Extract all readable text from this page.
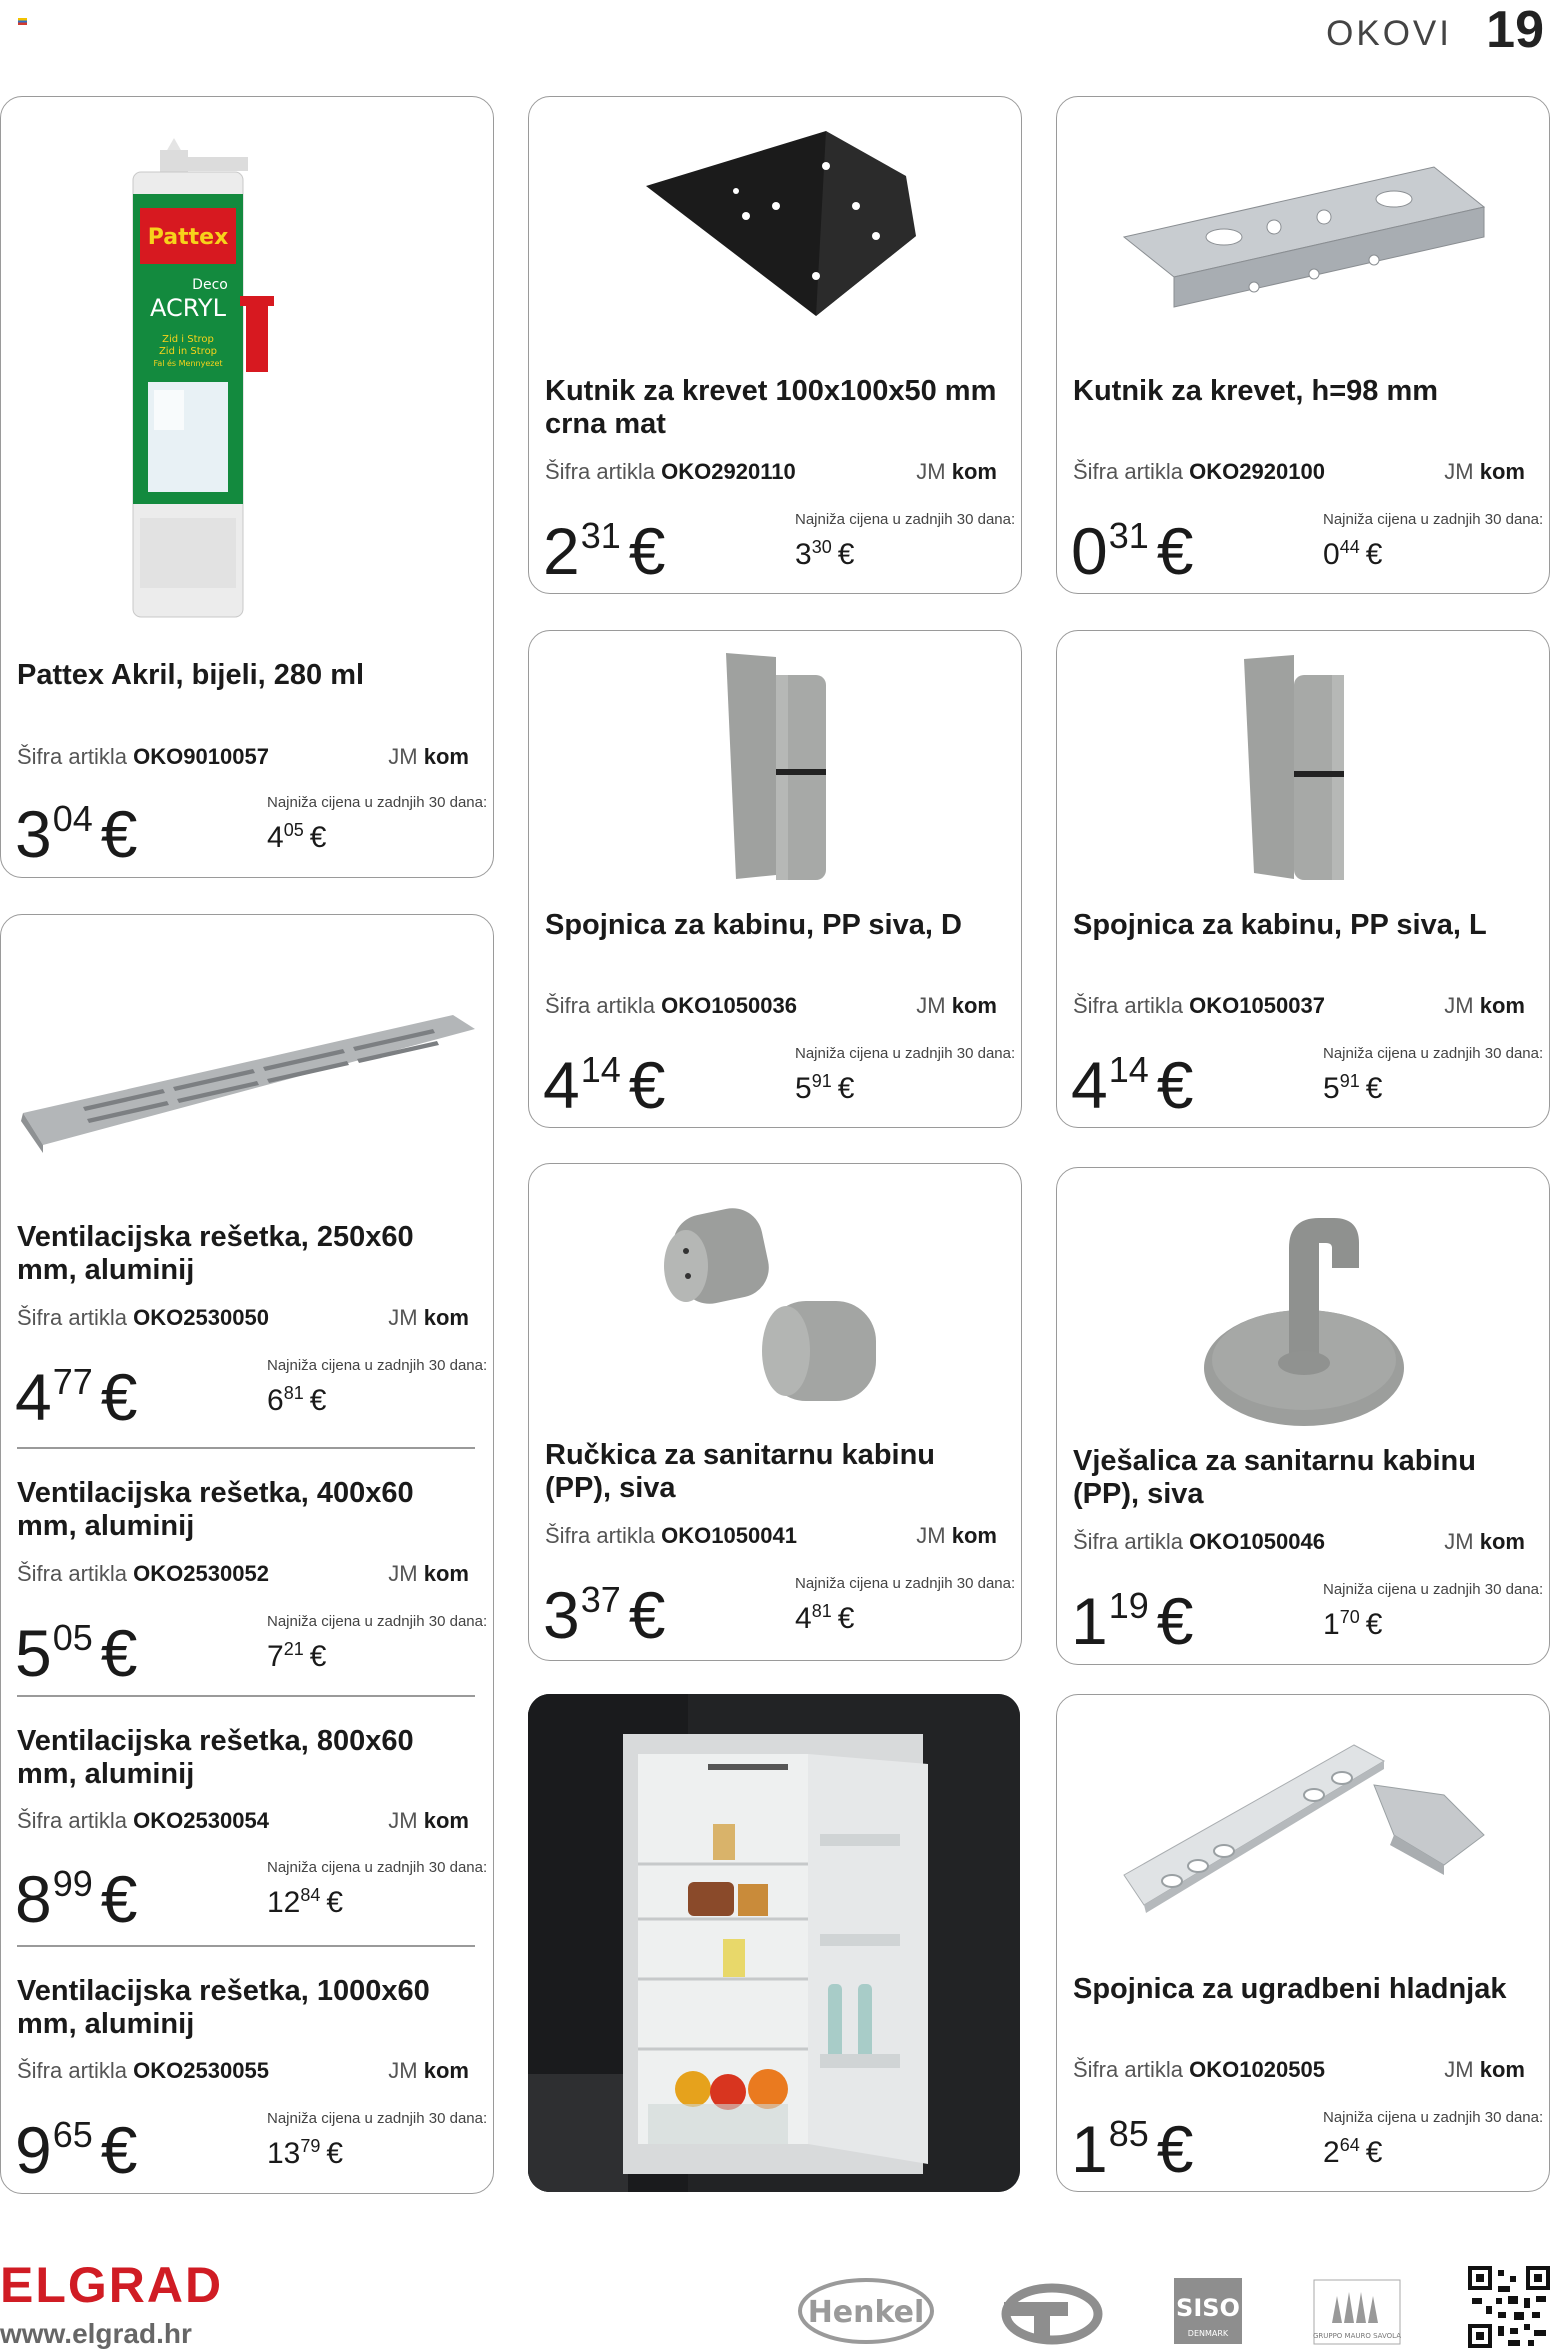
OKOVI 19
Pattex
Deco
ACRYL
Zid i Strop
Zid in Strop
Fal és Mennyezet
Pattex Akril, bijeli, 280 ml
Šifra artikla OKO9010057	JM kom
$3^{04}$ €	Najniža cijena u zadnjih 30 dana:
$4^{05}$ €
Ventilacijska rešetka, 250x60 mm, aluminij
Šifra artikla OKO2530050	JM kom
$4^{77}$ €	Najniža cijena u zadnjih 30 dana:
$6^{81}$ €
Ventilacijska rešetka, 400x60 mm, aluminij
Šifra artikla OKO2530052	JM kom
$5^{05}$ €	Najniža cijena u zadnjih 30 dana:
$7^{21}$ €
Ventilacijska rešetka, 800x60 mm, aluminij
Šifra artikla OKO2530054	JM kom
$8^{99}$ €	Najniža cijena u zadnjih 30 dana:
$12^{84}$ €
Ventilacijska rešetka, 1000x60 mm, aluminij
Šifra artikla OKO2530055	JM kom
$9^{65}$ €	Najniža cijena u zadnjih 30 dana:
$13^{79}$ €
Kutnik za krevet 100x100x50 mm crna mat
Šifra artikla OKO2920110	JM kom
$2^{31}$ €	Najniža cijena u zadnjih 30 dana:
$3^{30}$ €
Kutnik za krevet, h=98 mm
Šifra artikla OKO2920100	JM kom
$0^{31}$ €	Najniža cijena u zadnjih 30 dana:
$0^{44}$ €
Spojnica za kabinu, PP siva, D
Šifra artikla OKO1050036	JM kom
$4^{14}$ €	Najniža cijena u zadnjih 30 dana:
$5^{91}$ €
Spojnica za kabinu, PP siva, L
Šifra artikla OKO1050037	JM kom
$4^{14}$ €	Najniža cijena u zadnjih 30 dana:
$5^{91}$ €
Ručkica za sanitarnu kabinu (PP), siva
Šifra artikla OKO1050041	JM kom
$3^{37}$ €	Najniža cijena u zadnjih 30 dana:
$4^{81}$ €
Vješalica za sanitarnu kabinu (PP), siva
Šifra artikla OKO1050046	JM kom
$1^{19}$ €	Najniža cijena u zadnjih 30 dana:
$1^{70}$ €
Spojnica za ugradbeni hladnjak
Šifra artikla OKO1020505	JM kom
$1^{85}$ €	Najniža cijena u zadnjih 30 dana:
$2^{64}$ €
ELGRAD
www.elgrad.hr
Henkel	SISO
DENMARK	GRUPPO MAURO SAVOLA
